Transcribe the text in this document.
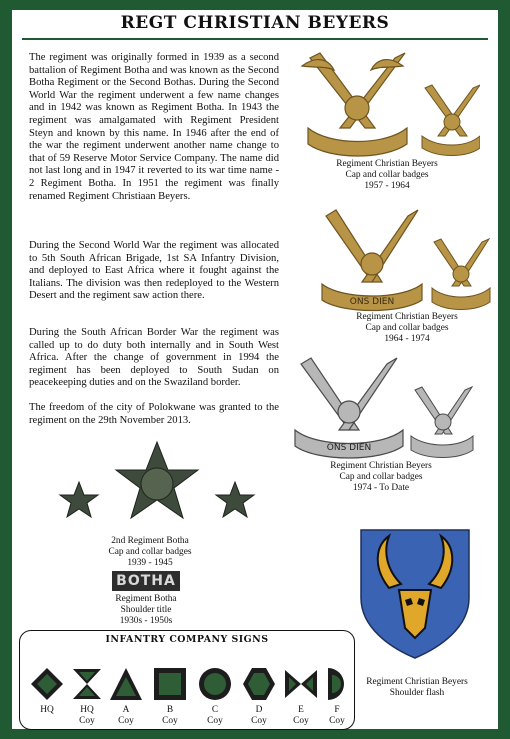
REGT CHRISTIAN BEYERS

The regiment was originally formed in 1939 as a second battalion of Regiment Botha and was known as the Second Botha Regiment or the Second Bothas. During the Second World War the regiment underwent a few name changes and in 1942 was known as Regiment Botha. In 1943 the regiment was amalgamated with Regiment President Steyn and known by this name. In 1946 after the end of the war the regiment underwent another name change to that of 59 Reserve Motor Service Company. The name did not last long and in 1947 it reverted to its war time name - 2 Regiment Botha. In 1951 the regiment was finally renamed Regiment Christiaan Beyers.

During the Second World War the regiment was allocated to 5th South African Brigade, 1st SA Infantry Division, and deployed to East Africa where it fought against the Italians. The division was then redeployed to the Western Desert and the regiment saw action there.

During the South African Border War the regiment was called up to do duty both internally and in South West Africa. After the change of government in 1994 the regiment has been deployed to South Sudan on peacekeeping duties and on the Swaziland border.

The freedom of the city of Polokwane was granted to the regiment on the 29th November 2013.

Regiment Christian Beyers
Cap and collar badges
1957 - 1964
ONS DIEN
Regiment Christian Beyers
Cap and collar badges
1964 - 1974
ONS DIEN
Regiment Christian Beyers
Cap and collar badges
1974 - To Date
2nd Regiment Botha
Cap and collar badges
1939 - 1945
BOTHA
Regiment Botha
Shoulder title
1930s - 1950s
Regiment Christian Beyers
Shoulder flash
INFANTRY COMPANY SIGNS
HQ	HQ
Coy
A
Coy
B
Coy
C
Coy
D
Coy
E
Coy
F
Coy
